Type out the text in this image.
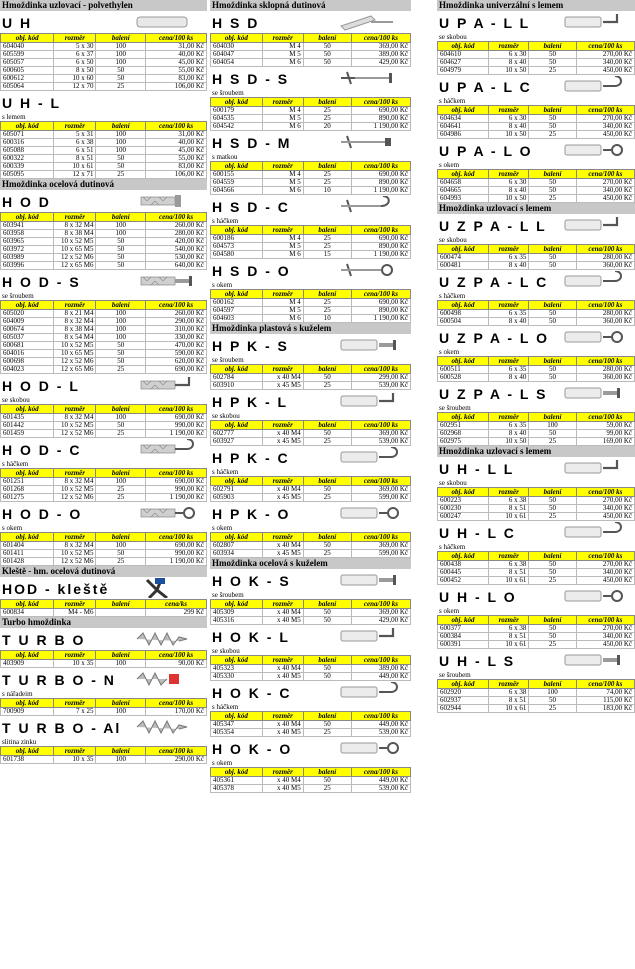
Hmoždinka uzlovací - polvethylen
U H
obj. kód	rozměr	balení	cena/100 ks
604040	5 x 30	100	31,00 Kč
605599	6 x 37	100	40,00 Kč
605057	6 x 50	100	45,00 Kč
600605	8 x 50	50	55,00 Kč
600612	10 x 60	50	83,00 Kč
605064	12 x 70	25	106,00 Kč
U H - L
s lemem
obj. kód	rozměr	balení	cena/100 ks
605071	5 x 31	100	31,00 Kč
600316	6 x 38	100	40,00 Kč
605088	6 x 51	100	45,00 Kč
600322	8 x 51	50	55,00 Kč
600339	10 x 61	50	83,00 Kč
605095	12 x 71	25	106,00 Kč
Hmoždinka ocelová dutinová
H O D
obj. kód	rozměr	balení	cena/100 ks
603941	8 x 32 M4	100	260,00 Kč
603958	8 x 38 M4	100	280,00 Kč
603965	10 x 52 M5	50	420,00 Kč
603972	10 x 65 M5	50	540,00 Kč
603989	12 x 52 M6	50	530,00 Kč
603996	12 x 65 M6	50	640,00 Kč
H O D - S
se šroubem
obj. kód	rozměr	balení	cena/100 ks
605020	8 x 21 M4	100	260,00 Kč
604009	8 x 32 M4	100	290,00 Kč
600674	8 x 38 M4	100	310,00 Kč
605037	8 x 54 M4	100	330,00 Kč
600681	10 x 52 M5	50	470,00 Kč
604016	10 x 65 M5	50	590,00 Kč
600698	12 x 52 M6	50	620,00 Kč
604023	12 x 65 M6	25	690,00 Kč
H O D - L
se skobou
obj. kód	rozměr	balení	cena/100 ks
601435	8 x 32 M4	100	690,00 Kč
601442	10 x 52 M5	50	990,00 Kč
601459	12 x 52 M6	25	1 190,00 Kč
H O D - C
s háčkem
obj. kód	rozměr	balení	cena/100 ks
601251	8 x 32 M4	100	690,00 Kč
601268	10 x 52 M5	25	990,00 Kč
601275	12 x 52 M6	25	1 190,00 Kč
H O D - O
s okem
obj. kód	rozměr	balení	cena/100 ks
601404	8 x 32 M4	100	690,00 Kč
601411	10 x 52 M5	50	990,00 Kč
601428	12 x 52 M6	25	1 190,00 Kč
Kleště - hm. ocelová dutinová
HOD - kleště
obj. kód	rozměr	balení	cena/ks
600834	M4 - M6		299 Kč
Turbo hmoždinka
T U R B O
obj. kód	rozměr	balení	cena/100 ks
403909	10 x 35	100	90,00 Kč
T U R B O - N
s nářadeim
obj. kód	rozměr	balení	cena/100 ks
700909	7 x 25	100	170,00 Kč
T U R B O - Al
slitina zinku
obj. kód	rozměr	balení	cena/100 ks
601738	10 x 35	100	290,00 Kč
Hmoždinka sklopná dutinová
H S D
obj. kód	rozměr	balení	cena/100 ks
604030	M 4	50	369,00 Kč
604047	M 5	50	389,00 Kč
604054	M 6	50	429,00 Kč
H S D - S
se šroubem
obj. kód	rozměr	balení	cena/100 ks
600179	M 4	25	690,00 Kč
604535	M 5	25	890,00 Kč
604542	M 6	20	1 190,00 Kč
H S D - M
s matkou
obj. kód	rozměr	balení	cena/100 ks
600155	M 4	25	690,00 Kč
604559	M 5	25	890,00 Kč
604566	M 6	10	1 190,00 Kč
H S D - C
s háčkem
obj. kód	rozměr	balení	cena/100 ks
600186	M 4	25	690,00 Kč
604573	M 5	25	890,00 Kč
604580	M 6	15	1 190,00 Kč
H S D - O
s okem
obj. kód	rozměr	balení	cena/100 ks
600162	M 4	25	690,00 Kč
604597	M 5	25	890,00 Kč
604603	M 6	10	1 190,00 Kč
Hmoždinka plastová s kuželem
H P K - S
se šroubem
obj. kód	rozměr	balení	cena/100 ks
602784	x 40 M4	50	299,00 Kč
603910	x 45 M5	25	539,00 Kč
H P K - L
se skobou
obj. kód	rozměr	balení	cena/100 ks
602777	x 40 M4	50	369,00 Kč
603927	x 45 M5	25	539,00 Kč
H P K - C
s háčkem
obj. kód	rozměr	balení	cena/100 ks
602791	x 40 M4	50	369,00 Kč
605903	x 45 M5	25	599,00 Kč
H P K - O
s okem
obj. kód	rozměr	balení	cena/100 ks
602807	x 40 M4	50	369,00 Kč
603934	x 45 M5	25	599,00 Kč
Hmoždinka ocelová s kuželem
H O K - S
se šroubem
obj. kód	rozměr	balení	cena/100 ks
405309	x 40 M4	50	369,00 Kč
405316	x 40 M5	50	429,00 Kč
H O K - L
se skobou
obj. kód	rozměr	balení	cena/100 ks
405323	x 40 M4	50	389,00 Kč
405330	x 40 M5	50	449,00 Kč
H O K - C
s háčkem
obj. kód	rozměr	balení	cena/100 ks
405347	x 40 M4	50	449,00 Kč
405354	x 40 M5	25	539,00 Kč
H O K - O
s okem
obj. kód	rozměr	balení	cena/100 ks
405361	x 40 M4	50	449,00 Kč
405378	x 40 M5	25	539,00 Kč
Hmoždinka univerzální s lemem
U P A - L L
se skobou
obj. kód	rozměr	balení	cena/100 ks
604610	6 x 30	50	270,00 Kč
604627	8 x 40	50	340,00 Kč
604979	10 x 50	25	450,00 Kč
U P A - L C
s háčkem
obj. kód	rozměr	balení	cena/100 ks
604634	6 x 30	50	270,00 Kč
604641	8 x 40	50	340,00 Kč
604986	10 x 50	25	450,00 Kč
U P A - L O
s okem
obj. kód	rozměr	balení	cena/100 ks
604658	6 x 30	50	270,00 Kč
604665	8 x 40	50	340,00 Kč
604993	10 x 50	25	450,00 Kč
Hmoždinka uzlovací s lemem
U Z P A - L L
se skobou
obj. kód	rozměr	balení	cena/100 ks
600474	6 x 35	50	280,00 Kč
600481	8 x 40	50	360,00 Kč
U Z P A - L C
s háčkem
obj. kód	rozměr	balení	cena/100 ks
600498	6 x 35	50	280,00 Kč
600504	8 x 40	50	360,00 Kč
U Z P A - L O
s okem
obj. kód	rozměr	balení	cena/100 ks
600511	6 x 35	50	280,00 Kč
600528	8 x 40	50	360,00 Kč
U Z P A - L S
se šroubem
obj. kód	rozměr	balení	cena/100 ks
602951	6 x 35	100	59,00 Kč
602968	8 x 40	50	99,00 Kč
602975	10 x 50	25	169,00 Kč
Hmoždinka uzlovací s lemem
U H - L L
se skobou
obj. kód	rozměr	balení	cena/100 ks
600223	6 x 38	50	270,00 Kč
600230	8 x 51	50	340,00 Kč
600247	10 x 61	25	450,00 Kč
U H - L C
s háčkem
obj. kód	rozměr	balení	cena/100 ks
600438	6 x 38	50	270,00 Kč
600445	8 x 51	50	340,00 Kč
600452	10 x 61	25	450,00 Kč
U H - L O
s okem
obj. kód	rozměr	balení	cena/100 ks
600377	6 x 38	50	270,00 Kč
600384	8 x 51	50	340,00 Kč
600391	10 x 61	25	450,00 Kč
U H - L S
se šroubem
obj. kód	rozměr	balení	cena/100 ks
602920	6 x 38	100	74,00 Kč
602937	8 x 51	50	115,00 Kč
602944	10 x 61	25	183,00 Kč
